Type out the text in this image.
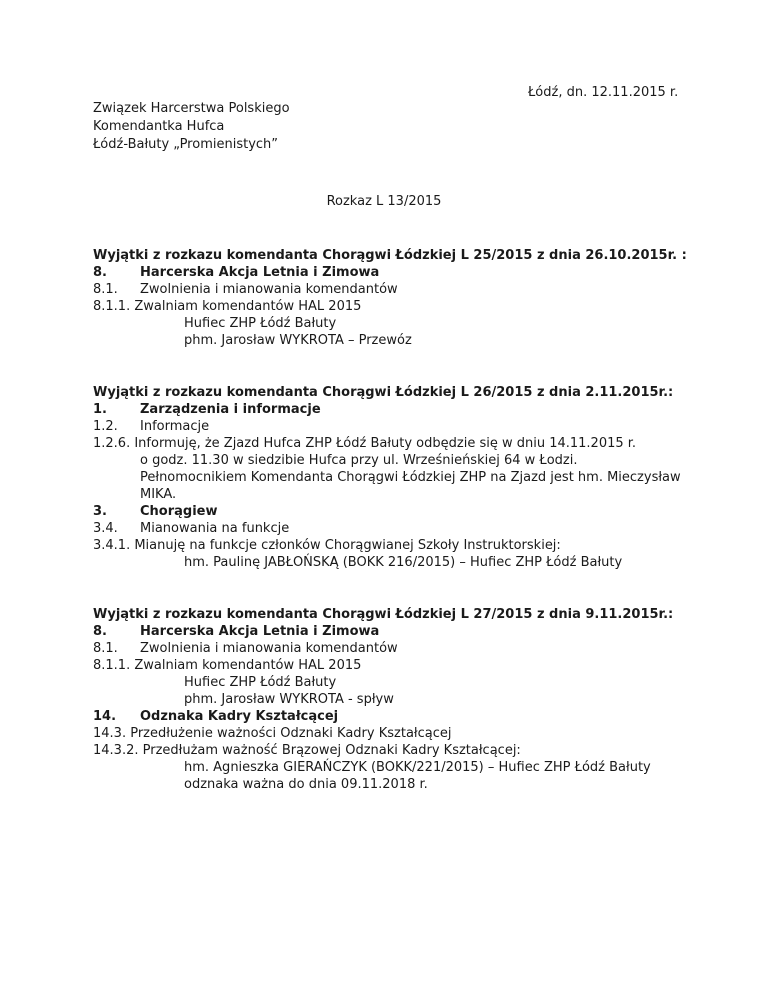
Łódź, dn. 12.11.2015 r.
Związek Harcerstwa Polskiego
Komendantka Hufca
Łódź-Bałuty „Promienistych”
Rozkaz L 13/2015
Wyjątki z rozkazu komendanta Chorągwi Łódzkiej L 25/2015 z dnia 26.10.2015r. :
8.	Harcerska Akcja Letnia i Zimowa
8.1. Zwolnienia i mianowania komendantów
8.1.1. Zwalniam komendantów HAL 2015
Hufiec ZHP Łódź Bałuty
phm. Jarosław WYKROTA – Przewóz
Wyjątki z rozkazu komendanta Chorągwi Łódzkiej L 26/2015 z dnia 2.11.2015r.:
1.	Zarządzenia i informacje
1.2. Informacje
1.2.6. Informuję, że Zjazd Hufca ZHP Łódź Bałuty odbędzie się w dniu 14.11.2015 r.
o godz. 11.30 w siedzibie Hufca przy ul. Wrześnieńskiej 64 w Łodzi.
Pełnomocnikiem Komendanta Chorągwi Łódzkiej ZHP na Zjazd jest hm. Mieczysław
MIKA.
3.	Chorągiew
3.4. Mianowania na funkcje
3.4.1. Mianuję na funkcje członków Chorągwianej Szkoły Instruktorskiej:
hm. Paulinę JABŁOŃSKĄ (BOKK 216/2015) – Hufiec ZHP Łódź Bałuty
Wyjątki z rozkazu komendanta Chorągwi Łódzkiej L 27/2015 z dnia 9.11.2015r.:
8.	Harcerska Akcja Letnia i Zimowa
8.1. Zwolnienia i mianowania komendantów
8.1.1. Zwalniam komendantów HAL 2015
Hufiec ZHP Łódź Bałuty
phm. Jarosław WYKROTA - spływ
14. Odznaka Kadry Kształcącej
14.3. Przedłużenie ważności Odznaki Kadry Kształcącej
14.3.2. Przedłużam ważność Brązowej Odznaki Kadry Kształcącej:
hm. Agnieszka GIERAŃCZYK (BOKK/221/2015) – Hufiec ZHP Łódź Bałuty
odznaka ważna do dnia 09.11.2018 r.
